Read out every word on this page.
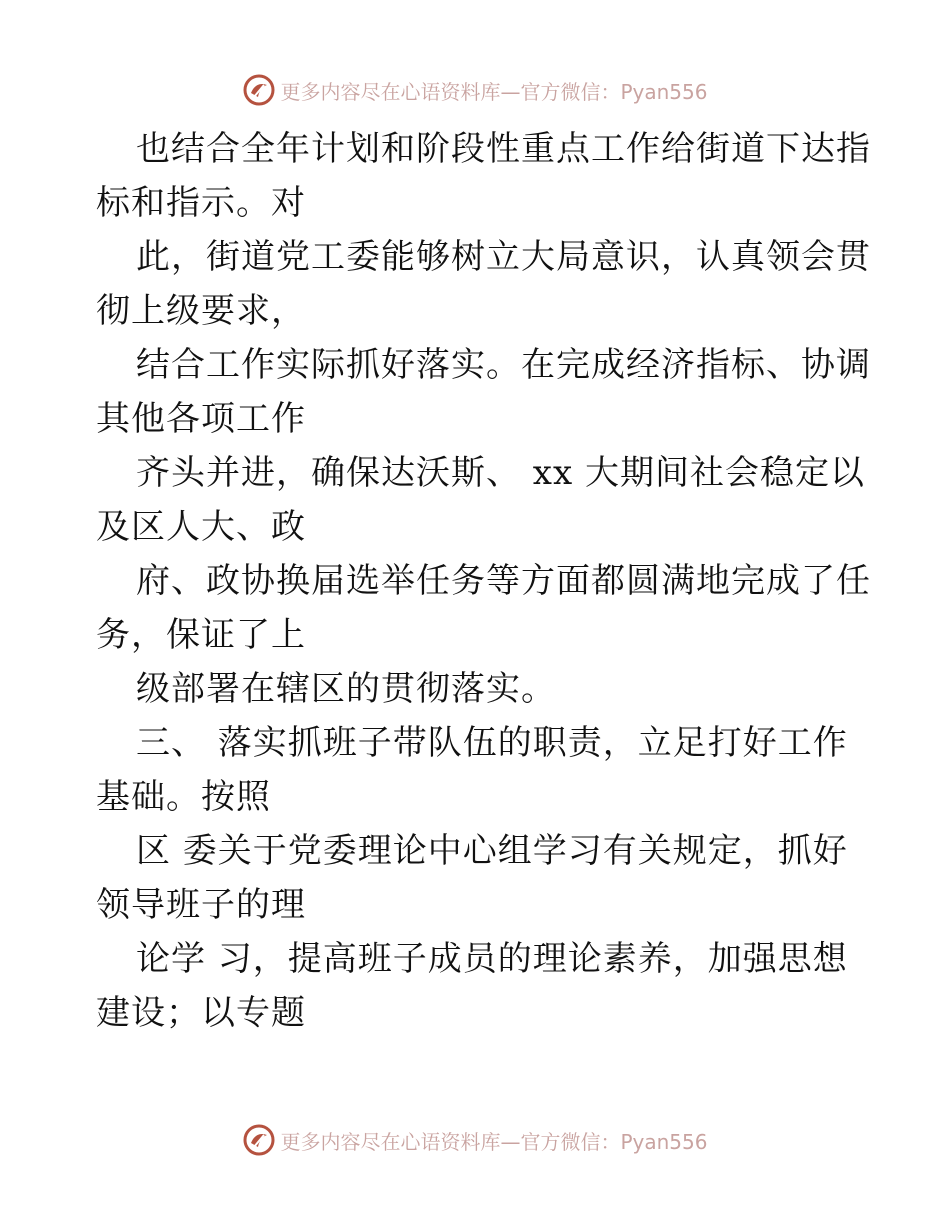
更多内容尽在心语资料库—官方微信：Pyan556
也结合全年计划和阶段性重点工作给街道下达指
标和指示。对
此，街道党工委能够树立大局意识，认真领会贯
彻上级要求，
结合工作实际抓好落实。在完成经济指标、协调
其他各项工作
齐头并进，确保达沃斯、 xx 大期间社会稳定以
及区人大、政
府、政协换届选举任务等方面都圆满地完成了任
务，保证了上
级部署在辖区的贯彻落实。
三、 落实抓班子带队伍的职责，立足打好工作
基础。按照
区 委关于党委理论中心组学习有关规定，抓好
领导班子的理
论学 习，提高班子成员的理论素养，加强思想
建设；以专题
更多内容尽在心语资料库—官方微信：Pyan556
